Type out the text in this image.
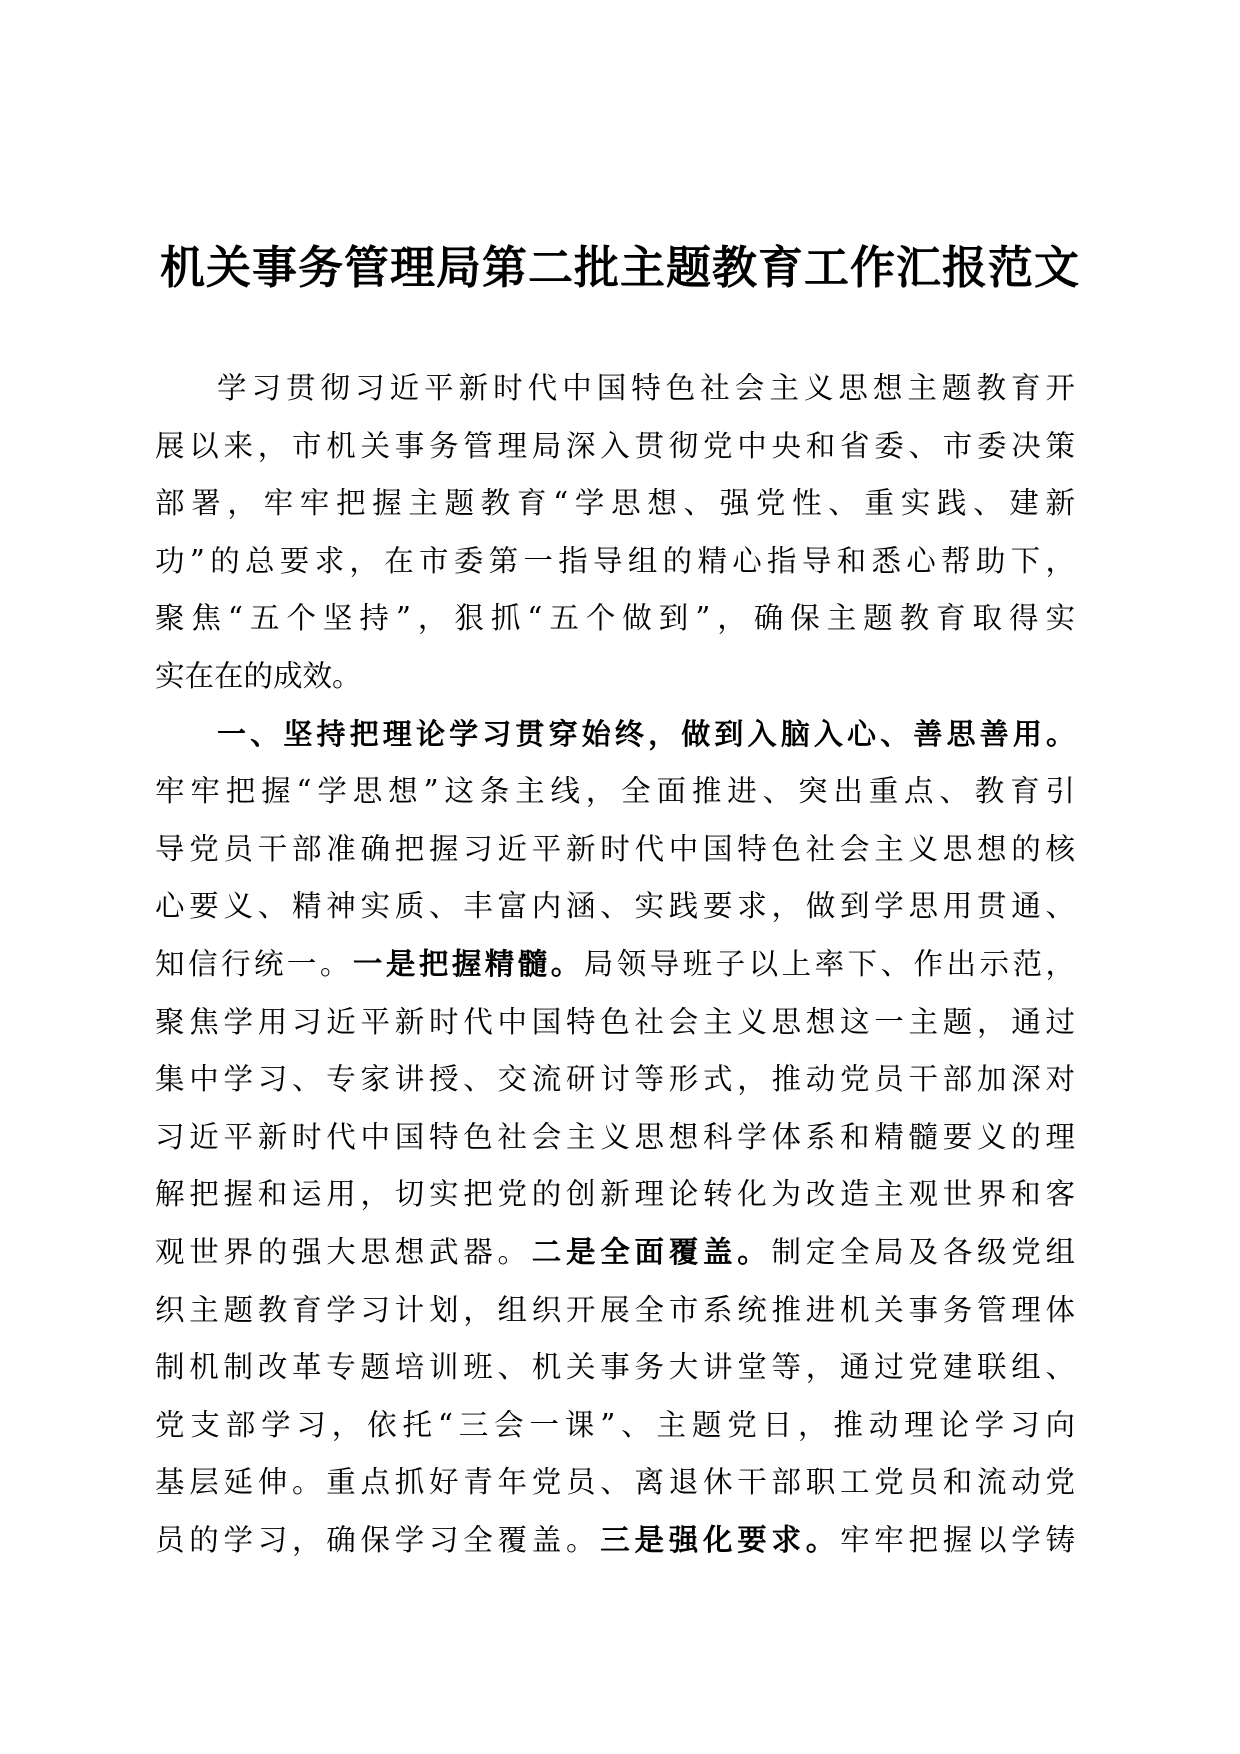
机关事务管理局第二批主题教育工作汇报范文
学习贯彻习近平新时代中国特色社会主义思想主题教育开
展以来，市机关事务管理局深入贯彻党中央和省委、市委决策
部署，牢牢把握主题教育“学思想、强党性、重实践、建新
功”的总要求，在市委第一指导组的精心指导和悉心帮助下，
聚焦“五个坚持”，狠抓“五个做到”，确保主题教育取得实
实在在的成效。
一、坚持把理论学习贯穿始终，做到入脑入心、善思善用。
牢牢把握“学思想”这条主线，全面推进、突出重点、教育引
导党员干部准确把握习近平新时代中国特色社会主义思想的核
心要义、精神实质、丰富内涵、实践要求，做到学思用贯通、
知信行统一。一是把握精髓。局领导班子以上率下、作出示范，
聚焦学用习近平新时代中国特色社会主义思想这一主题，通过
集中学习、专家讲授、交流研讨等形式，推动党员干部加深对
习近平新时代中国特色社会主义思想科学体系和精髓要义的理
解把握和运用，切实把党的创新理论转化为改造主观世界和客
观世界的强大思想武器。二是全面覆盖。制定全局及各级党组
织主题教育学习计划，组织开展全市系统推进机关事务管理体
制机制改革专题培训班、机关事务大讲堂等，通过党建联组、
党支部学习，依托“三会一课”、主题党日，推动理论学习向
基层延伸。重点抓好青年党员、离退休干部职工党员和流动党
员的学习，确保学习全覆盖。三是强化要求。牢牢把握以学铸
